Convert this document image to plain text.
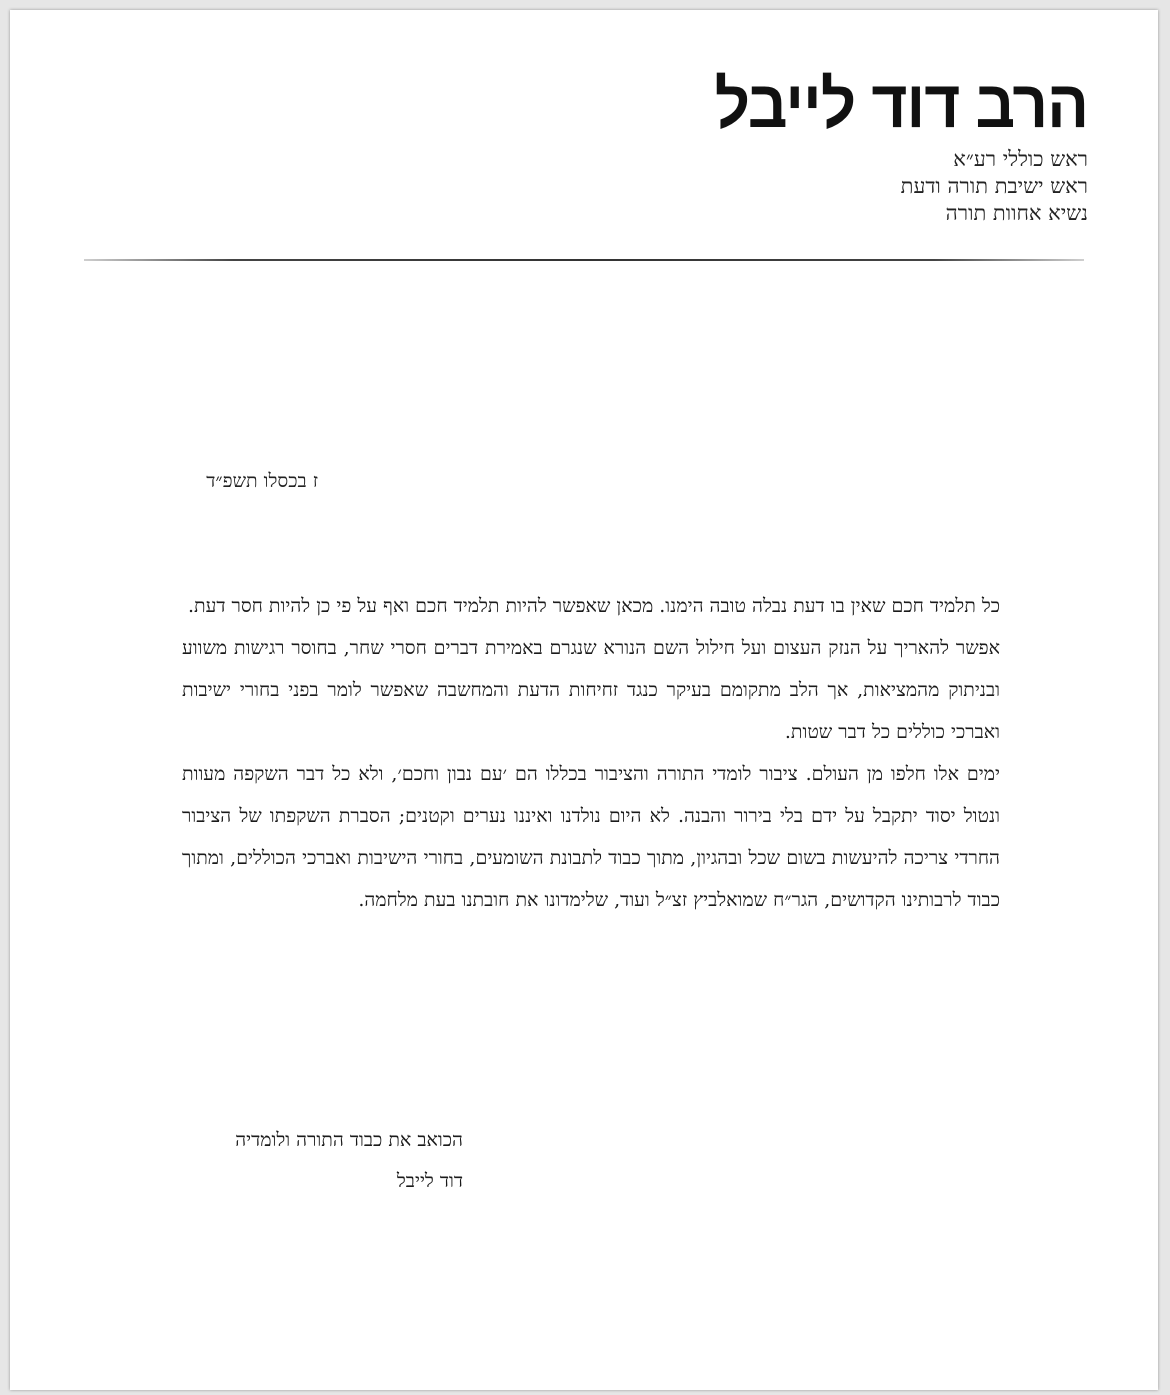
הרב דוד לייבל
ראש כוללי רע״א
ראש ישיבת תורה ודעת
נשיא אחוות תורה
ז בכסלו תשפ״ד

כל תלמיד חכם שאין בו דעת נבלה טובה הימנו. מכאן שאפשר להיות תלמיד חכם ואף על פי כן להיות חסר דעת.

אפשר להאריך על הנזק העצום ועל חילול השם הנורא שנגרם באמירת דברים חסרי שחר, בחוסר רגישות משווע ובניתוק מהמציאות, אך הלב מתקומם בעיקר כנגד זחיחות הדעת והמחשבה שאפשר לומר בפני בחורי ישיבות ואברכי כוללים כל דבר שטות.

ימים אלו חלפו מן העולם. ציבור לומדי התורה והציבור בכללו הם ׳עם נבון וחכם׳, ולא כל דבר השקפה מעוות ונטול יסוד יתקבל על ידם בלי בירור והבנה. לא היום נולדנו ואיננו נערים וקטנים; הסברת השקפתו של הציבור החרדי צריכה להיעשות בשום שכל ובהגיון, מתוך כבוד לתבונת השומעים, בחורי הישיבות ואברכי הכוללים, ומתוך כבוד לרבותינו הקדושים, הגר״ח שמואלביץ זצ״ל ועוד, שלימדונו את חובתנו בעת מלחמה.

הכואב את כבוד התורה ולומדיה
דוד לייבל
